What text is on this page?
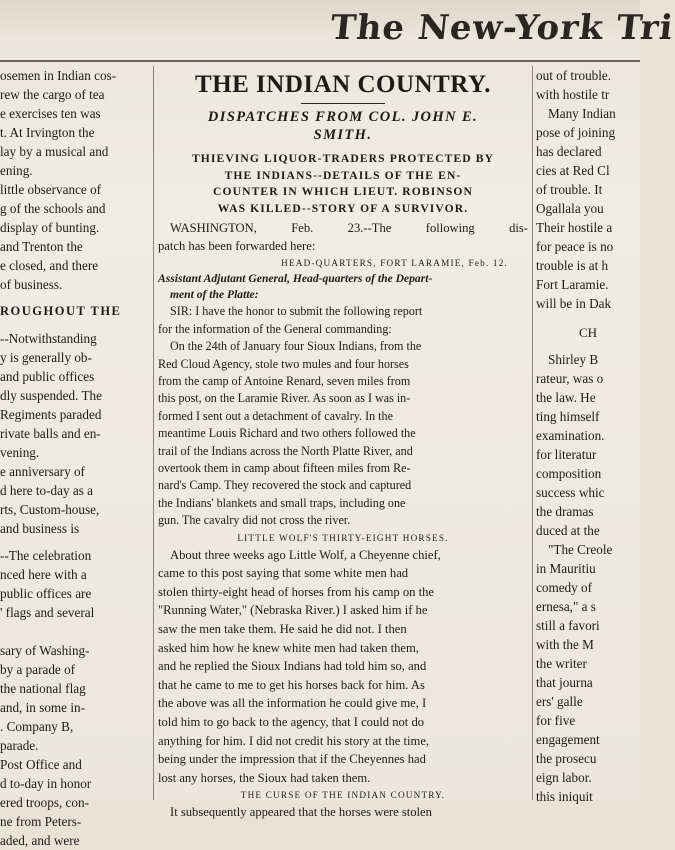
The New-York Tri
osemen in Indian cos-
rew the cargo of tea
e exercises ten was
t. At Irvington the
lay by a musical and
ening.
little observance of
g of the schools and
display of bunting.
and Trenton the
e closed, and there
of business.
ROUGHOUT THE
--Notwithstanding
y is generally ob-
and public offices
dly suspended. The
Regiments paraded
rivate balls and en-
vening.
e anniversary of
d here to-day as a
rts, Custom-house,
and business is
--The celebration
nced here with a
public offices are
' flags and several

sary of Washing-
by a parade of
the national flag
and, in some in-
. Company B,
parade.
Post Office and
d to-day in honor
ered troops, con-
ne from Peters-
aded, and were
THE INDIAN COUNTRY.
DISPATCHES FROM COL. JOHN E.
SMITH.
THIEVING LIQUOR-TRADERS PROTECTED BY
THE INDIANS--DETAILS OF THE EN-
COUNTER IN WHICH LIEUT. ROBINSON
WAS KILLED--STORY OF A SURVIVOR.
WASHINGTON, Feb. 23.--The following dis-
patch has been forwarded here:
HEAD-QUARTERS, FORT LARAMIE, Feb. 12.
Assistant Adjutant General, Head-quarters of the Depart-
ment of the Platte:
SIR: I have the honor to submit the following report
for the information of the General commanding:
On the 24th of January four Sioux Indians, from the
Red Cloud Agency, stole two mules and four horses
from the camp of Antoine Renard, seven miles from
this post, on the Laramie River. As soon as I was in-
formed I sent out a detachment of cavalry. In the
meantime Louis Richard and two others followed the
trail of the Indians across the North Platte River, and
overtook them in camp about fifteen miles from Re-
nard's Camp. They recovered the stock and captured
the Indians' blankets and small traps, including one
gun. The cavalry did not cross the river.
LITTLE WOLF'S THIRTY-EIGHT HORSES.
About three weeks ago Little Wolf, a Cheyenne chief,
came to this post saying that some white men had
stolen thirty-eight head of horses from his camp on the
"Running Water," (Nebraska River.) I asked him if he
saw the men take them. He said he did not. I then
asked him how he knew white men had taken them,
and he replied the Sioux Indians had told him so, and
that he came to me to get his horses back for him. As
the above was all the information he could give me, I
told him to go back to the agency, that I could not do
anything for him. I did not credit his story at the time,
being under the impression that if the Cheyennes had
lost any horses, the Sioux had taken them.
THE CURSE OF THE INDIAN COUNTRY.
It subsequently appeared that the horses were stolen
out of trouble.
with hostile tr
Many Indian
pose of joining
has declared
cies at Red Cl
of trouble. It
Ogallala you
Their hostile a
for peace is no
trouble is at h
Fort Laramie.
will be in Dak
CH
Shirley B
rateur, was o
the law. He
ting himself
examination.
for literatur
composition
success whic
the dramas
duced at the
"The Creole
in Mauritiu
comedy of
ernesa," a s
still a favori
with the M
the writer
that journa
ers' galle
for five
engagement
the prosecu
eign labor.
this iniquit
